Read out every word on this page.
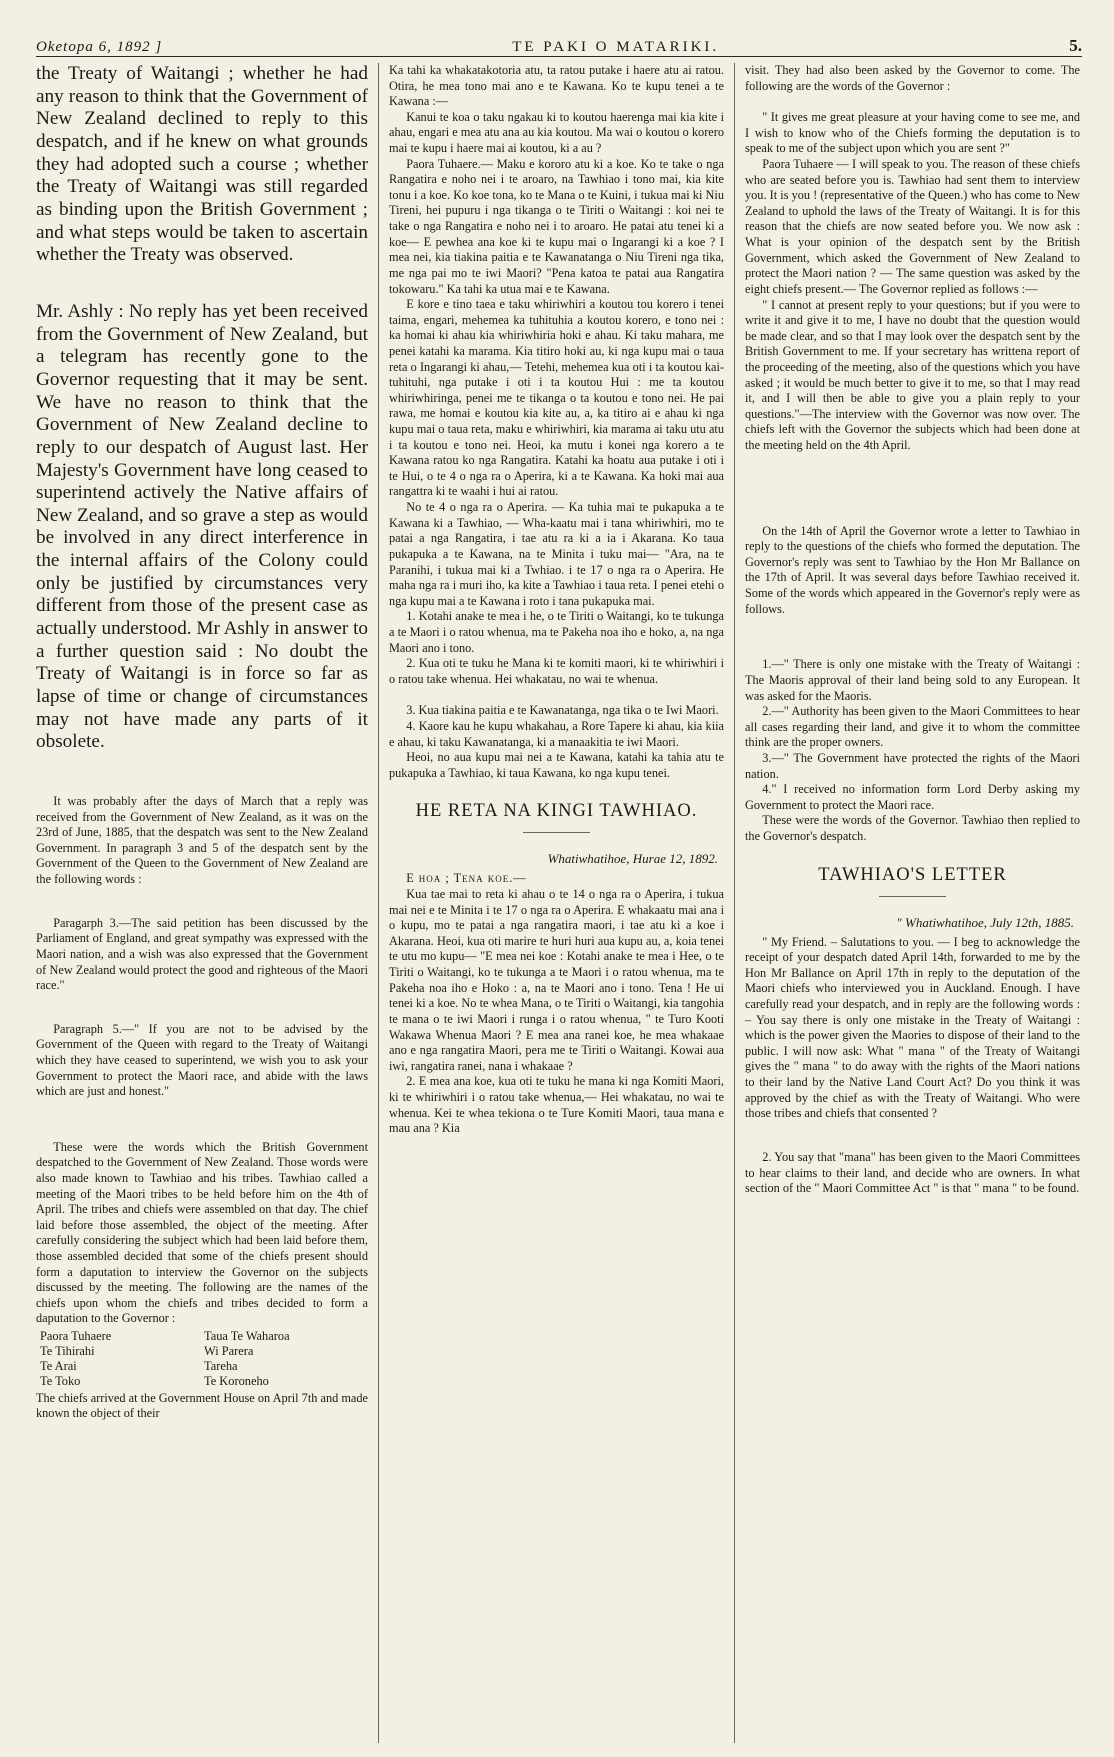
Oketopa 6, 1892 ]	TE PAKI O MATARIKI.	5.

the Treaty of Waitangi ; whether he had any reason to think that the Government of New Zealand declined to reply to this despatch, and if he knew on what grounds they had adopted such a course ; whether the Treaty of Waitangi was still regarded as binding upon the British Government ; and what steps would be taken to ascertain whether the Treaty was observed.

Mr. Ashly : No reply has yet been received from the Government of New Zealand, but a telegram has recently gone to the Governor requesting that it may be sent. We have no reason to think that the Government of New Zealand decline to reply to our despatch of August last. Her Majesty's Government have long ceased to superintend actively the Native affairs of New Zealand, and so grave a step as would be involved in any direct interference in the internal affairs of the Colony could only be justified by circumstances very different from those of the present case as actually understood. Mr Ashly in answer to a further question said : No doubt the Treaty of Waitangi is in force so far as lapse of time or change of circumstances may not have made any parts of it obsolete.

It was probably after the days of March that a reply was received from the Government of New Zealand, as it was on the 23rd of June, 1885, that the despatch was sent to the New Zealand Government. In paragraph 3 and 5 of the despatch sent by the Government of the Queen to the Government of New Zealand are the following words :

Paragarph 3.—The said petition has been discussed by the Parliament of England, and great sympathy was expressed with the Maori nation, and a wish was also expressed that the Government of New Zealand would protect the good and righteous of the Maori race."

Paragraph 5.—" If you are not to be advised by the Government of the Queen with regard to the Treaty of Waitangi which they have ceased to superintend, we wish you to ask your Government to protect the Maori race, and abide with the laws which are just and honest."

These were the words which the British Government despatched to the Government of New Zealand. Those words were also made known to Tawhiao and his tribes. Tawhiao called a meeting of the Maori tribes to be held before him on the 4th of April. The tribes and chiefs were assembled on that day. The chief laid before those assembled, the object of the meeting. After carefully considering the subject which had been laid before them, those assembled decided that some of the chiefs present should form a daputation to interview the Governor on the subjects discussed by the meeting. The following are the names of the chiefs upon whom the chiefs and tribes decided to form a daputation to the Governor :

Paora Tuhaere	Taua Te Waharoa
Te Tihirahi	Wi Parera
Te Arai	Tareha
Te Toko	Te Koroneho

The chiefs arrived at the Government House on April 7th and made known the object of their

Ka tahi ka whakatakotoria atu, ta ratou putake i haere atu ai ratou. Otira, he mea tono mai ano e te Kawana. Ko te kupu tenei a te Kawana :—

Kanui te koa o taku ngakau ki to koutou haerenga mai kia kite i ahau, engari e mea atu ana au kia koutou. Ma wai o koutou o korero mai te kupu i haere mai ai koutou, ki a au ?

Paora Tuhaere.— Maku e kororo atu ki a koe. Ko te take o nga Rangatira e noho nei i te aroaro, na Tawhiao i tono mai, kia kite tonu i a koe. Ko koe tona, ko te Mana o te Kuini, i tukua mai ki Niu Tireni, hei pupuru i nga tikanga o te Tiriti o Waitangi : koi nei te take o nga Rangatira e noho nei i to aroaro. He patai atu tenei ki a koe— E pewhea ana koe ki te kupu mai o Ingarangi ki a koe ? I mea nei, kia tiakina paitia e te Kawanatanga o Niu Tireni nga tika, me nga pai mo te iwi Maori? "Pena katoa te patai aua Rangatira tokowaru." Ka tahi ka utua mai e te Kawana.

E kore e tino taea e taku whiriwhiri a koutou tou korero i tenei taima, engari, mehemea ka tuhituhia a koutou korero, e tono nei : ka homai ki ahau kia whiriwhiria hoki e ahau. Ki taku mahara, me penei katahi ka marama. Kia titiro hoki au, ki nga kupu mai o taua reta o Ingarangi ki ahau,— Tetehi, mehemea kua oti i ta koutou kai-tuhituhi, nga putake i oti i ta koutou Hui : me ta koutou whiriwhiringa, penei me te tikanga o ta koutou e tono nei. He pai rawa, me homai e koutou kia kite au, a, ka titiro ai e ahau ki nga kupu mai o taua reta, maku e whiriwhiri, kia marama ai taku utu atu i ta koutou e tono nei. Heoi, ka mutu i konei nga korero a te Kawana ratou ko nga Rangatira. Katahi ka hoatu aua putake i oti i te Hui, o te 4 o nga ra o Aperira, ki a te Kawana. Ka hoki mai aua rangattra ki te waahi i hui ai ratou.

No te 4 o nga ra o Aperira. — Ka tuhia mai te pukapuka a te Kawana ki a Tawhiao, — Wha-kaatu mai i tana whiriwhiri, mo te patai a nga Rangatira, i tae atu ra ki a ia i Akarana. Ko taua pukapuka a te Kawana, na te Minita i tuku mai— "Ara, na te Paranihi, i tukua mai ki a Twhiao. i te 17 o nga ra o Aperira. He maha nga ra i muri iho, ka kite a Tawhiao i taua reta. I penei etehi o nga kupu mai a te Kawana i roto i tana pukapuka mai.

1. Kotahi anake te mea i he, o te Tiriti o Waitangi, ko te tukunga a te Maori i o ratou whenua, ma te Pakeha noa iho e hoko, a, na nga Maori ano i tono.

2. Kua oti te tuku he Mana ki te komiti maori, ki te whiriwhiri i o ratou take whenua. Hei whakatau, no wai te whenua.

3. Kua tiakina paitia e te Kawanatanga, nga tika o te Iwi Maori.

4. Kaore kau he kupu whakahau, a Rore Tapere ki ahau, kia kiia e ahau, ki taku Kawanatanga, ki a manaakitia te iwi Maori.

Heoi, no aua kupu mai nei a te Kawana, katahi ka tahia atu te pukapuka a Tawhiao, ki taua Kawana, ko nga kupu tenei.

HE RETA NA KINGI TAWHIAO.
Whatiwhatihoe, Hurae 12, 1892.

E hoa ; Tena koe.—

Kua tae mai to reta ki ahau o te 14 o nga ra o Aperira, i tukua mai nei e te Minita i te 17 o nga ra o Aperira. E whakaatu mai ana i o kupu, mo te patai a nga rangatira maori, i tae atu ki a koe i Akarana. Heoi, kua oti marire te huri huri aua kupu au, a, koia tenei te utu mo kupu— "E mea nei koe : Kotahi anake te mea i Hee, o te Tiriti o Waitangi, ko te tukunga a te Maori i o ratou whenua, ma te Pakeha noa iho e Hoko : a, na te Maori ano i tono. Tena ! He ui tenei ki a koe. No te whea Mana, o te Tiriti o Waitangi, kia tangohia te mana o te iwi Maori i runga i o ratou whenua, " te Turo Kooti Wakawa Whenua Maori ? E mea ana ranei koe, he mea whakaae ano e nga rangatira Maori, pera me te Tiriti o Waitangi. Kowai aua iwi, rangatira ranei, nana i whakaae ?

2. E mea ana koe, kua oti te tuku he mana ki nga Komiti Maori, ki te whiriwhiri i o ratou take whenua,— Hei whakatau, no wai te whenua. Kei te whea tekiona o te Ture Komiti Maori, taua mana e mau ana ? Kia

visit. They had also been asked by the Governor to come. The following are the words of the Governor :

" It gives me great pleasure at your having come to see me, and I wish to know who of the Chiefs forming the deputation is to speak to me of the subject upon which you are sent ?"

Paora Tuhaere — I will speak to you. The reason of these chiefs who are seated before you is. Tawhiao had sent them to interview you. It is you ! (representative of the Queen.) who has come to New Zealand to uphold the laws of the Treaty of Waitangi. It is for this reason that the chiefs are now seated before you. We now ask : What is your opinion of the despatch sent by the British Government, which asked the Government of New Zealand to protect the Maori nation ? — The same question was asked by the eight chiefs present.— The Governor replied as follows :—

" I cannot at present reply to your questions; but if you were to write it and give it to me, I have no doubt that the question would be made clear, and so that I may look over the despatch sent by the British Government to me. If your secretary has writtena report of the proceeding of the meeting, also of the questions which you have asked ; it would be much better to give it to me, so that I may read it, and I will then be able to give you a plain reply to your questions."—The interview with the Governor was now over. The chiefs left with the Governor the subjects which had been done at the meeting held on the 4th April.

On the 14th of April the Governor wrote a letter to Tawhiao in reply to the questions of the chiefs who formed the deputation. The Governor's reply was sent to Tawhiao by the Hon Mr Ballance on the 17th of April. It was several days before Tawhiao received it. Some of the words which appeared in the Governor's reply were as follows.

1.—" There is only one mistake with the Treaty of Waitangi : The Maoris approval of their land being sold to any European. It was asked for the Maoris.

2.—" Authority has been given to the Maori Committees to hear all cases regarding their land, and give it to whom the committee think are the proper owners.

3.—" The Government have protected the rights of the Maori nation.

4." I received no information form Lord Derby asking my Government to protect the Maori race.

These were the words of the Governor. Tawhiao then replied to the Governor's despatch.

TAWHIAO'S LETTER
" Whatiwhatihoe, July 12th, 1885.

" My Friend. – Salutations to you. — I beg to acknowledge the receipt of your despatch dated April 14th, forwarded to me by the Hon Mr Ballance on April 17th in reply to the deputation of the Maori chiefs who interviewed you in Auckland. Enough. I have carefully read your despatch, and in reply are the following words : – You say there is only one mistake in the Treaty of Waitangi : which is the power given the Maories to dispose of their land to the public. I will now ask: What " mana " of the Treaty of Waitangi gives the " mana " to do away with the rights of the Maori nations to their land by the Native Land Court Act? Do you think it was approved by the chief as with the Treaty of Waitangi. Who were those tribes and chiefs that consented ?

2. You say that "mana" has been given to the Maori Committees to hear claims to their land, and decide who are owners. In what section of the " Maori Committee Act " is that " mana " to be found.
